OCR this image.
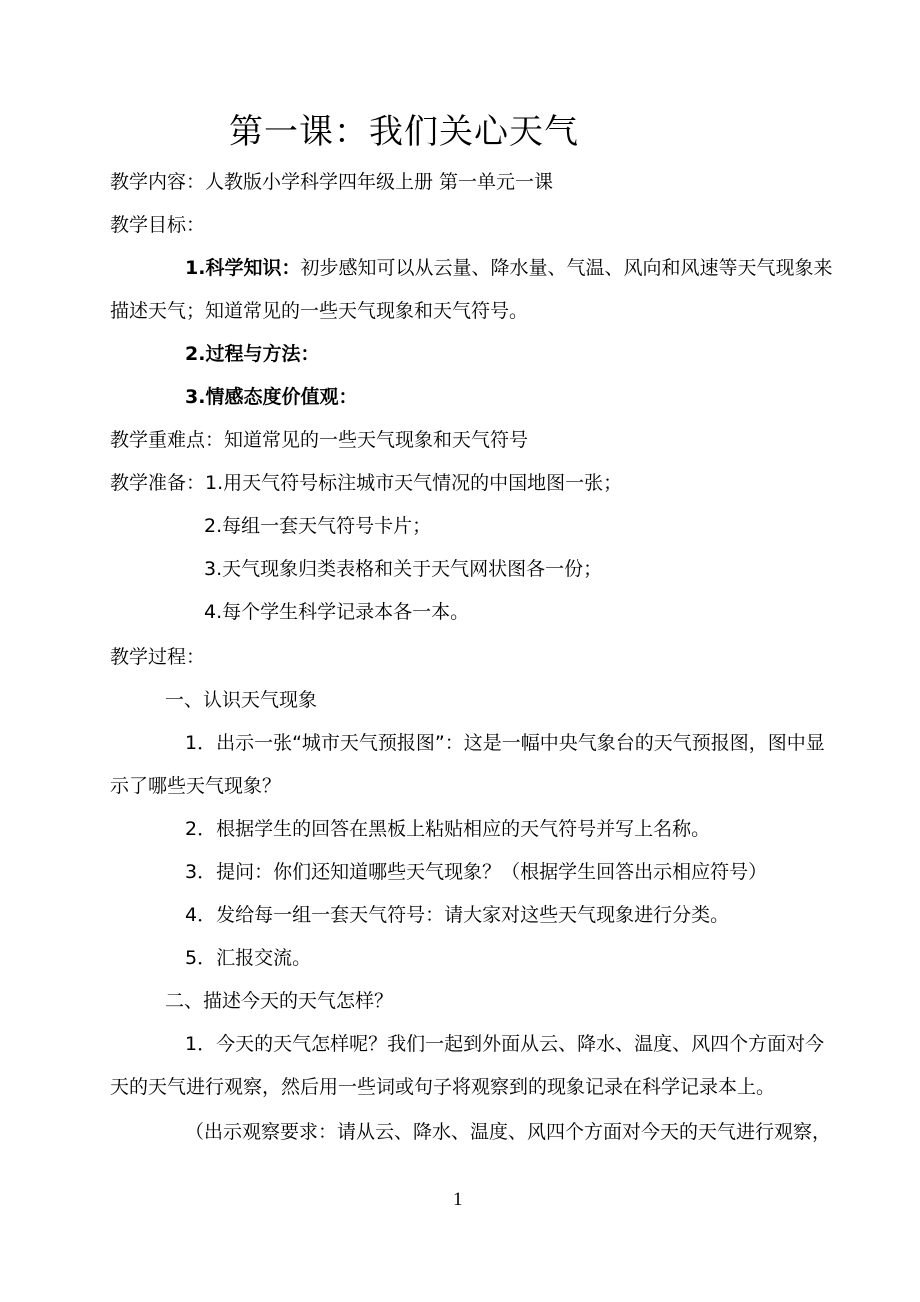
第一课：我们关心天气
教学内容：人教版小学科学四年级上册 第一单元一课
教学目标：
1.科学知识：初步感知可以从云量、降水量、气温、风向和风速等天气现象来
描述天气；知道常见的一些天气现象和天气符号。
2.过程与方法：
3.情感态度价值观：
教学重难点：知道常见的一些天气现象和天气符号
教学准备：1.用天气符号标注城市天气情况的中国地图一张；
2.每组一套天气符号卡片；
3.天气现象归类表格和关于天气网状图各一份；
4.每个学生科学记录本各一本。
教学过程：
一、认识天气现象
1．出示一张“城市天气预报图”：这是一幅中央气象台的天气预报图，图中显
示了哪些天气现象？
2．根据学生的回答在黑板上粘贴相应的天气符号并写上名称。
3．提问：你们还知道哪些天气现象？（根据学生回答出示相应符号）
4．发给每一组一套天气符号：请大家对这些天气现象进行分类。
5．汇报交流。
二、描述今天的天气怎样？
1．今天的天气怎样呢？我们一起到外面从云、降水、温度、风四个方面对今
天的天气进行观察，然后用一些词或句子将观察到的现象记录在科学记录本上。
（出示观察要求：请从云、降水、温度、风四个方面对今天的天气进行观察，
1
